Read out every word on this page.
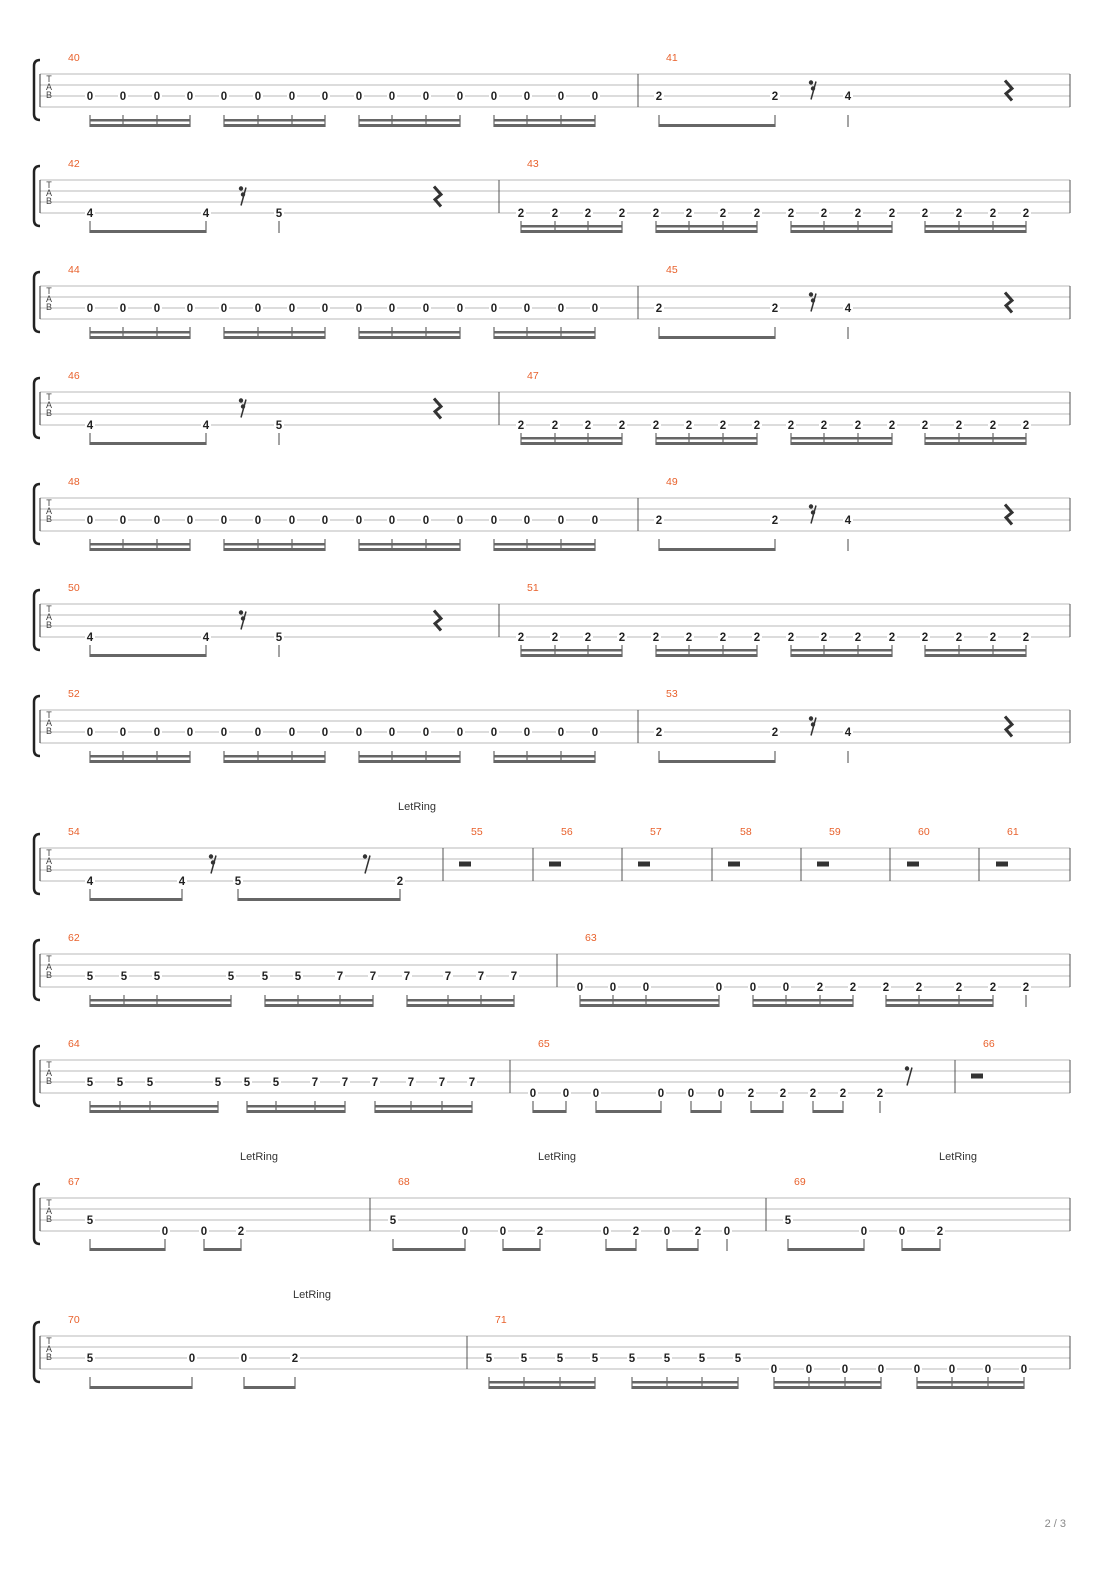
T
A
B
40
0 0 0 0 0 0 0 0 0 0 0 0 0 0 0 0
41
2	2	4
T
A
B
42
4	4	5
43
2 2 2 2 2 2 2 2 2 2 2 2 2 2 2 2
T
A
B
44
0 0 0 0 0 0 0 0 0 0 0 0 0 0 0 0
45
2	2	4
T
A
B
46
4	4	5
47
2 2 2 2 2 2 2 2 2 2 2 2 2 2 2 2
T
A
B
48
0 0 0 0 0 0 0 0 0 0 0 0 0 0 0 0
49
2	2	4
T
A
B
50
4	4	5
51
2 2 2 2 2 2 2 2 2 2 2 2 2 2 2 2
T
A
B
52
0 0 0 0 0 0 0 0 0 0 0 0 0 0 0 0
53
2	2	4
T
A
B
LetRing
54
4	4	5	2
55	56	57	58	59	60	61
T
A
B
62
5 5 5	5 5 5	7 7 7	7 7 7
63
0 0 0	0 0 0 2 2 2 2	2 2 2
T
A
B
64
5 5 5	5 5 5	7 7 7	7 7 7
65
0 0 0	0 0 0 2 2 2 2	2
66
T
A
B
LetRing	LetRing	LetRing
67
5
0	0	2
68
5
0	0	2	0 2 0 2 0
69
5
0	0	2
T
A
B
LetRing
70
5	0	0	2
71
5 5	5 5	5 5 5	5
0 0	0	0	0 0	0	0
2 / 3
